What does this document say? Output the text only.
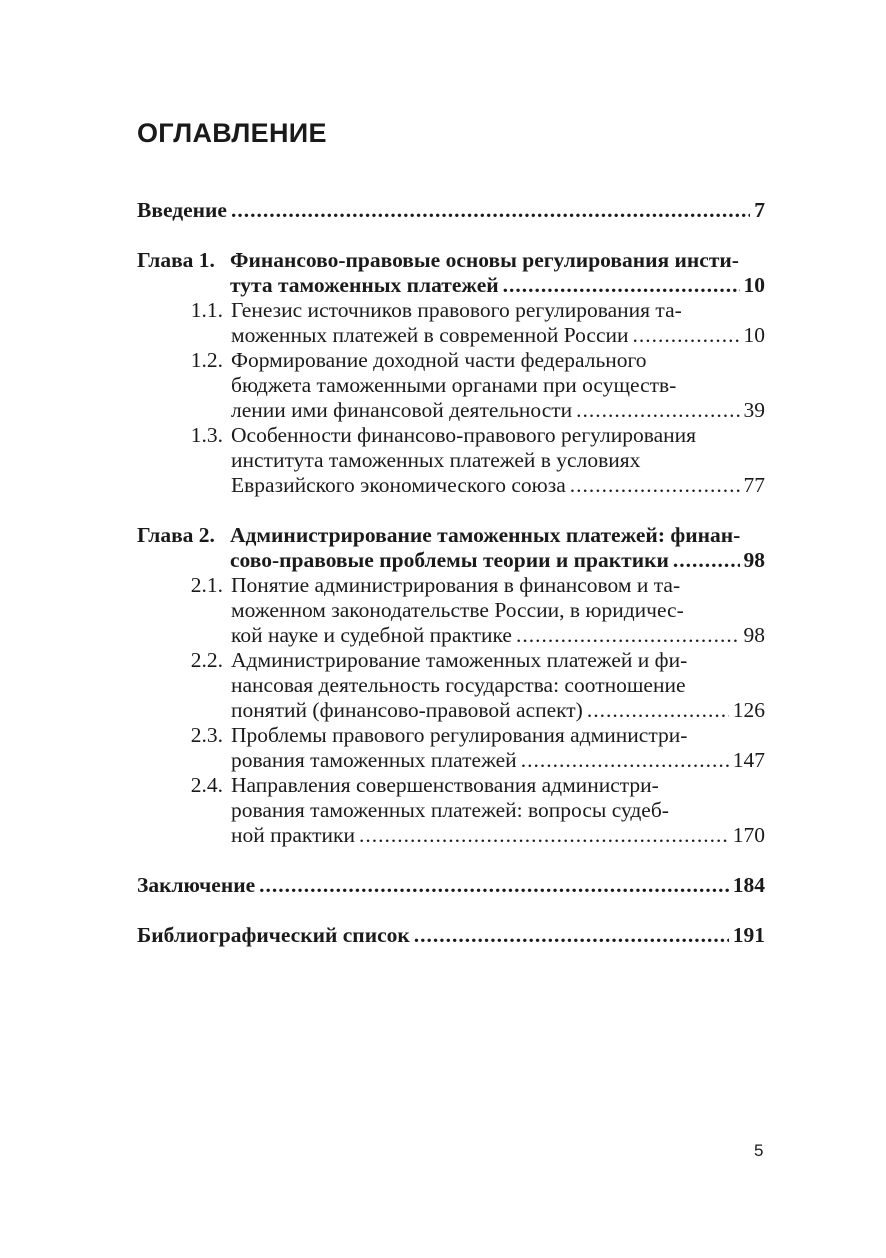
ОГЛАВЛЕНИЕ
Введение .....	7
Глава 1. Финансово-правовые основы регулирования инсти-
тута таможенных платежей .....	10
1.1. Генезис источников правового регулирования та-
моженных платежей в современной России .....	10
1.2. Формирование доходной части федерального
бюджета таможенными органами при осуществ-
лении ими финансовой деятельности .....	39
1.3. Особенности финансово-правового регулирования
института таможенных платежей в условиях
Евразийского экономического союза .....	77
Глава 2. Администрирование таможенных платежей: финан-
сово-правовые проблемы теории и практики .....	98
2.1. Понятие администрирования в финансовом и та-
моженном законодательстве России, в юридичес-
кой науке и судебной практике .....	98
2.2. Администрирование таможенных платежей и фи-
нансовая деятельность государства: соотношение
понятий (финансово-правовой аспект) .....	126
2.3. Проблемы правового регулирования администри-
рования таможенных платежей .....	147
2.4. Направления совершенствования администри-
рования таможенных платежей: вопросы судеб-
ной практики .....	170
Заключение .....	184
Библиографический список .....	191
5
